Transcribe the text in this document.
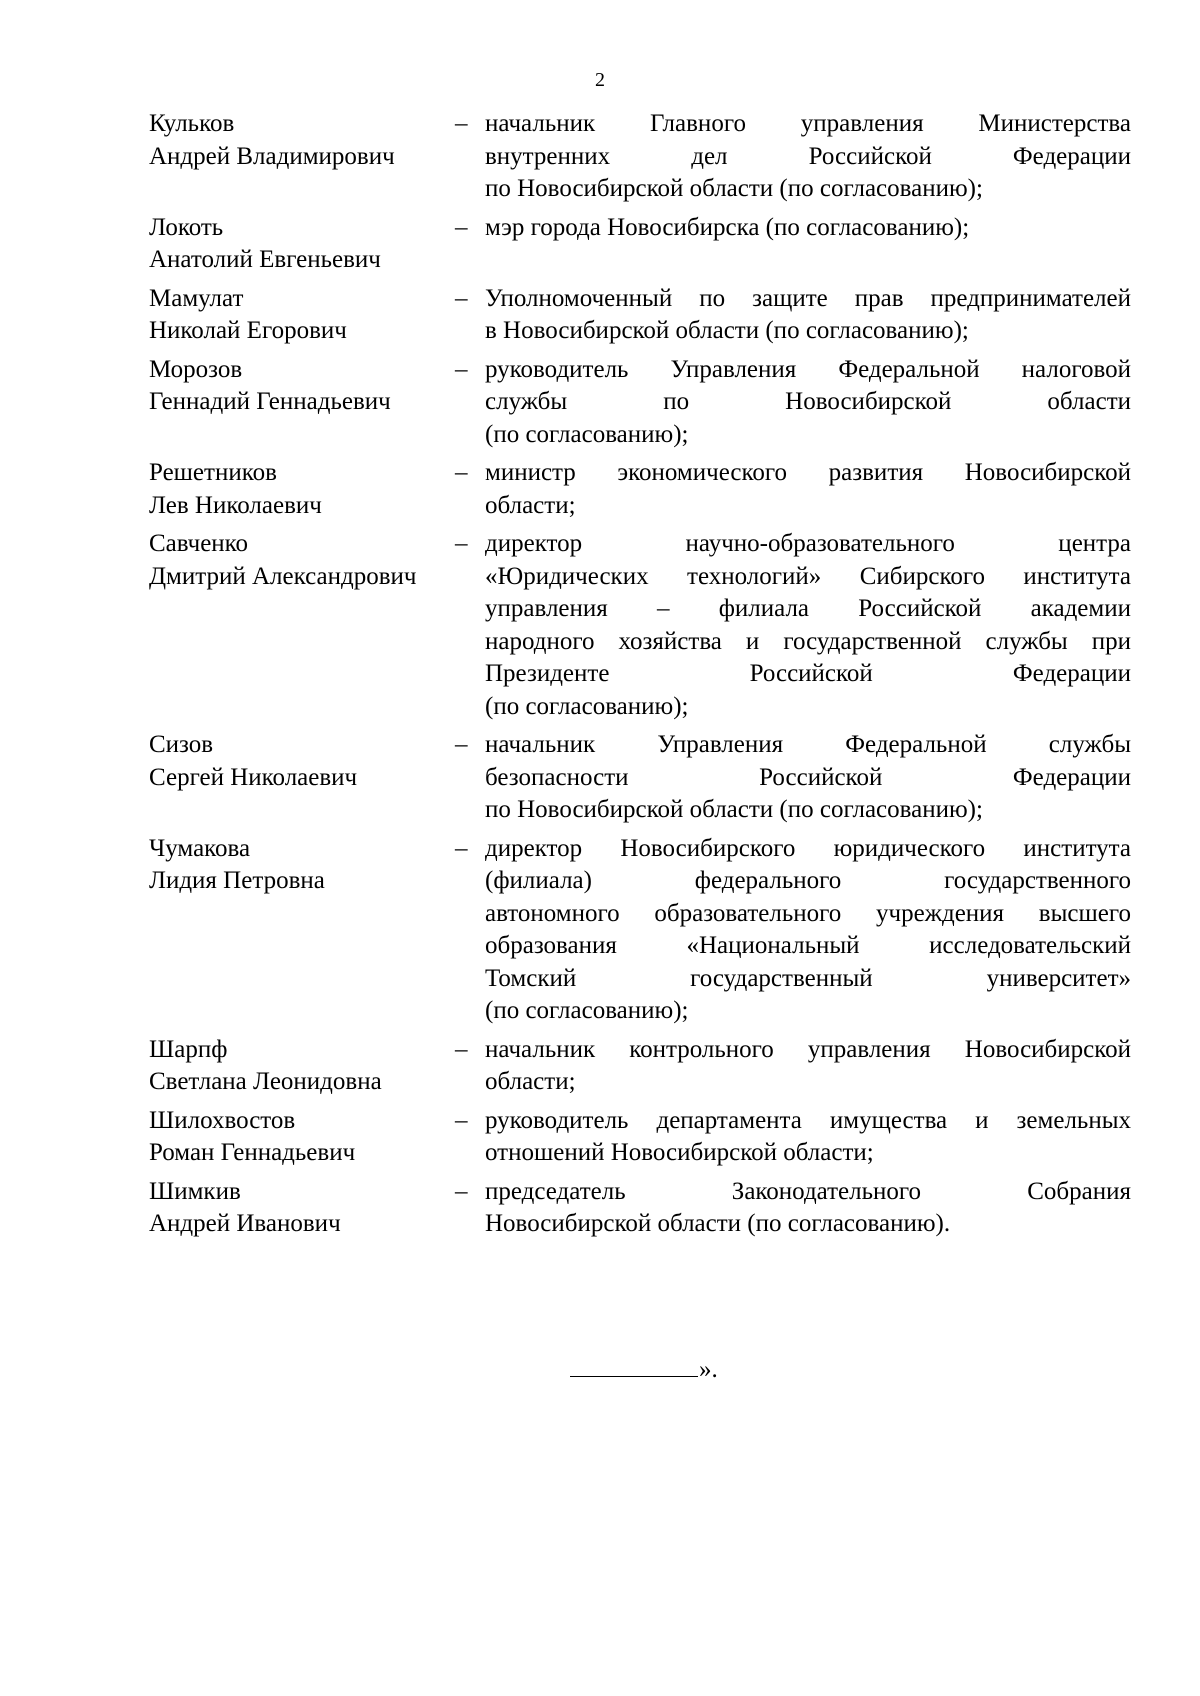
2
Кульков
Андрей Владимирович
– начальник Главного управления Министерства
внутренних дел Российской Федерации
по Новосибирской области (по согласованию);
Локоть
Анатолий Евгеньевич
– мэр города Новосибирска (по согласованию);
Мамулат
Николай Егорович
– Уполномоченный по защите прав предпринимателей
в Новосибирской области (по согласованию);
Морозов
Геннадий Геннадьевич
– руководитель Управления Федеральной налоговой
службы по Новосибирской области
(по согласованию);
Решетников
Лев Николаевич
– министр экономического развития Новосибирской
области;
Савченко
Дмитрий Александрович
– директор научно-образовательного центра
«Юридических технологий» Сибирского института
управления – филиала Российской академии
народного хозяйства и государственной службы при
Президенте Российской Федерации
(по согласованию);
Сизов
Сергей Николаевич
– начальник Управления Федеральной службы
безопасности Российской Федерации
по Новосибирской области (по согласованию);
Чумакова
Лидия Петровна
– директор Новосибирского юридического института
(филиала) федерального государственного
автономного образовательного учреждения высшего
образования «Национальный исследовательский
Томский государственный университет»
(по согласованию);
Шарпф
Светлана Леонидовна
– начальник контрольного управления Новосибирской
области;
Шилохвостов
Роман Геннадьевич
– руководитель департамента имущества и земельных
отношений Новосибирской области;
Шимкив
Андрей Иванович
– председатель Законодательного Собрания
Новосибирской области (по согласованию).
».
